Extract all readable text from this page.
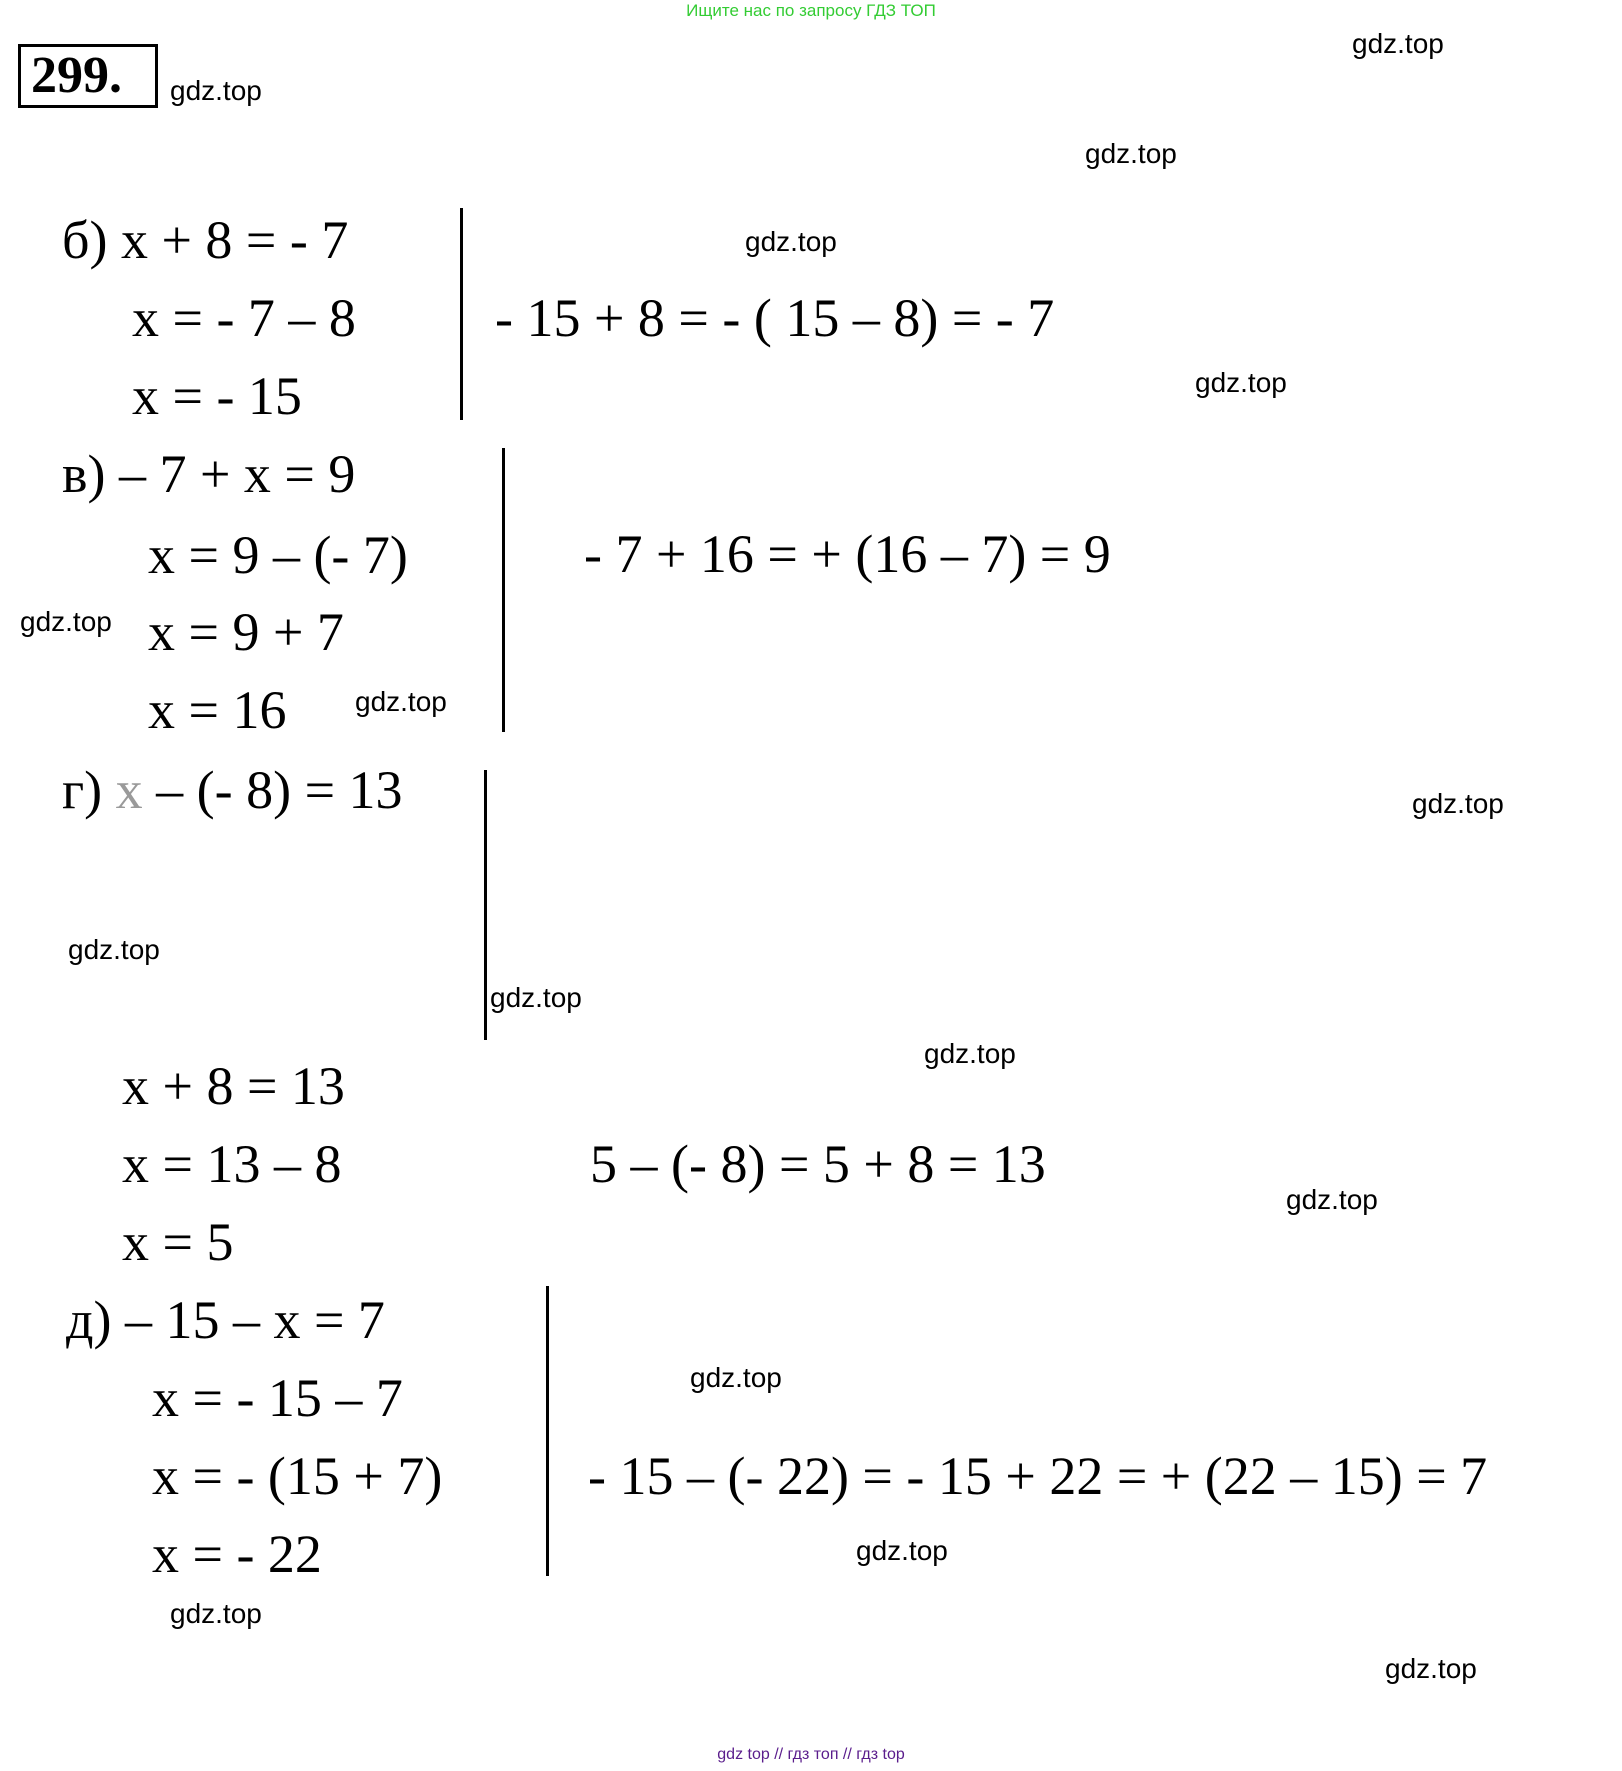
Ищите нас по запросу ГДЗ ТОП
299.	gdz.top
gdz.top
gdz.top
gdz.top
gdz.top
gdz.top
gdz.top
gdz.top
gdz.top
gdz.top
gdz.top
gdz.top
gdz.top
gdz.top
gdz.top
gdz.top
б) x + 8 = - 7
x = - 7 – 8
x = - 15
- 15 + 8 = - ( 15 – 8) = - 7
в) – 7 + x = 9
x = 9 – (- 7)
x = 9 + 7
x = 16
- 7 + 16 = + (16 – 7) = 9
г) x – (- 8) = 13
x + 8 = 13
x = 13 – 8
x = 5
5 – (- 8) = 5 + 8 = 13
д) – 15 – x = 7
x = - 15 – 7
x = - (15 + 7)
x = - 22
- 15 – (- 22) = - 15 + 22 = + (22 – 15) = 7
gdz top // гдз топ // гдз top
